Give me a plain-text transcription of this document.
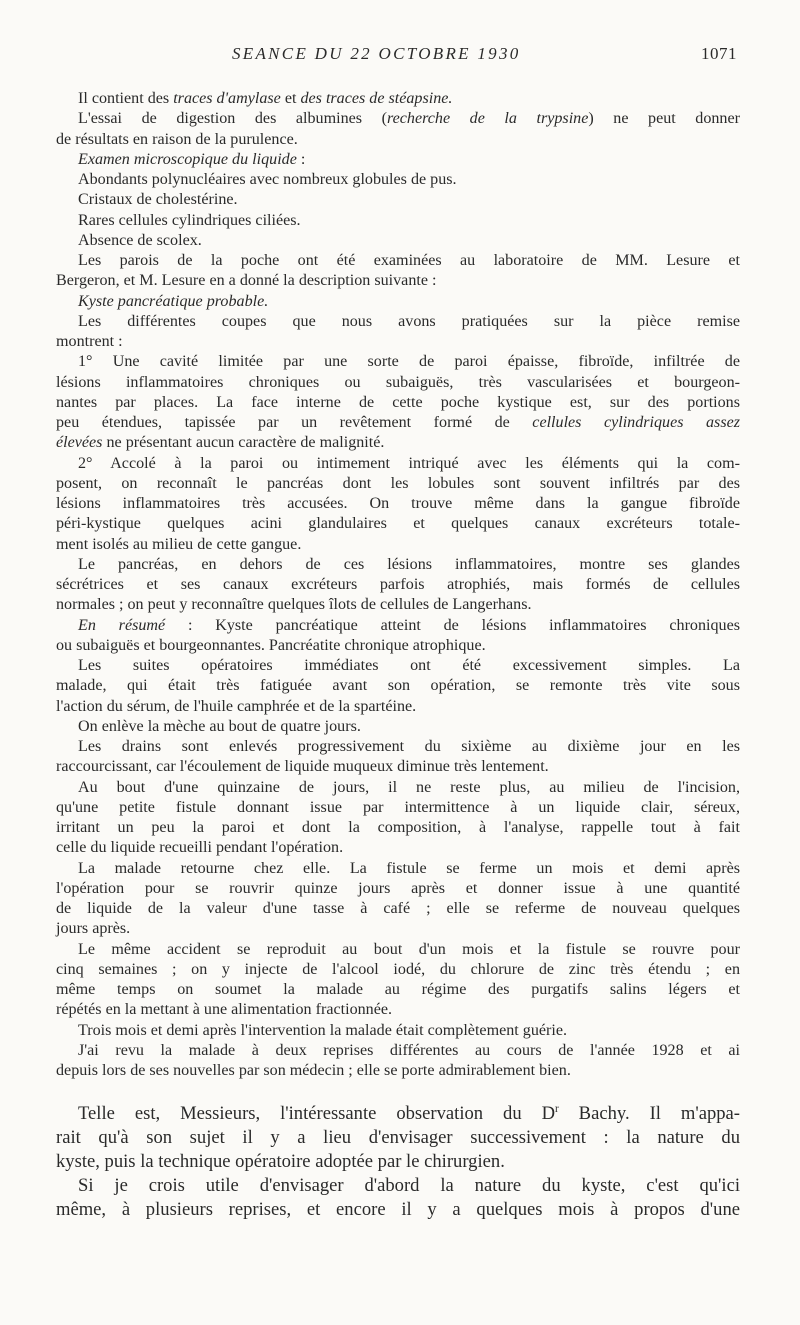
SEANCE DU 22 OCTOBRE 1930	1071
Il contient des traces d'amylase et des traces de stéapsine.
L'essai de digestion des albumines (recherche de la trypsine) ne peut donner
de résultats en raison de la purulence.
Examen microscopique du liquide :
Abondants polynucléaires avec nombreux globules de pus.
Cristaux de cholestérine.
Rares cellules cylindriques ciliées.
Absence de scolex.
Les parois de la poche ont été examinées au laboratoire de MM. Lesure et
Bergeron, et M. Lesure en a donné la description suivante :
Kyste pancréatique probable.
Les différentes coupes que nous avons pratiquées sur la pièce remise
montrent :
1° Une cavité limitée par une sorte de paroi épaisse, fibroïde, infiltrée de
lésions inflammatoires chroniques ou subaiguës, très vascularisées et bourgeon-
nantes par places. La face interne de cette poche kystique est, sur des portions
peu étendues, tapissée par un revêtement formé de cellules cylindriques assez
élevées ne présentant aucun caractère de malignité.
2° Accolé à la paroi ou intimement intriqué avec les éléments qui la com-
posent, on reconnaît le pancréas dont les lobules sont souvent infiltrés par des
lésions inflammatoires très accusées. On trouve même dans la gangue fibroïde
péri-kystique quelques acini glandulaires et quelques canaux excréteurs totale-
ment isolés au milieu de cette gangue.
Le pancréas, en dehors de ces lésions inflammatoires, montre ses glandes
sécrétrices et ses canaux excréteurs parfois atrophiés, mais formés de cellules
normales ; on peut y reconnaître quelques îlots de cellules de Langerhans.
En résumé : Kyste pancréatique atteint de lésions inflammatoires chroniques
ou subaiguës et bourgeonnantes. Pancréatite chronique atrophique.
Les suites opératoires immédiates ont été excessivement simples. La
malade, qui était très fatiguée avant son opération, se remonte très vite sous
l'action du sérum, de l'huile camphrée et de la spartéine.
On enlève la mèche au bout de quatre jours.
Les drains sont enlevés progressivement du sixième au dixième jour en les
raccourcissant, car l'écoulement de liquide muqueux diminue très lentement.
Au bout d'une quinzaine de jours, il ne reste plus, au milieu de l'incision,
qu'une petite fistule donnant issue par intermittence à un liquide clair, séreux,
irritant un peu la paroi et dont la composition, à l'analyse, rappelle tout à fait
celle du liquide recueilli pendant l'opération.
La malade retourne chez elle. La fistule se ferme un mois et demi après
l'opération pour se rouvrir quinze jours après et donner issue à une quantité
de liquide de la valeur d'une tasse à café ; elle se referme de nouveau quelques
jours après.
Le même accident se reproduit au bout d'un mois et la fistule se rouvre pour
cinq semaines ; on y injecte de l'alcool iodé, du chlorure de zinc très étendu ; en
même temps on soumet la malade au régime des purgatifs salins légers et
répétés en la mettant à une alimentation fractionnée.
Trois mois et demi après l'intervention la malade était complètement guérie.
J'ai revu la malade à deux reprises différentes au cours de l'année 1928 et ai
depuis lors de ses nouvelles par son médecin ; elle se porte admirablement bien.
Telle est, Messieurs, l'intéressante observation du $D^r$ Bachy. Il m'appa-
rait qu'à son sujet il y a lieu d'envisager successivement : la nature du
kyste, puis la technique opératoire adoptée par le chirurgien.
Si je crois utile d'envisager d'abord la nature du kyste, c'est qu'ici
même, à plusieurs reprises, et encore il y a quelques mois à propos d'une
